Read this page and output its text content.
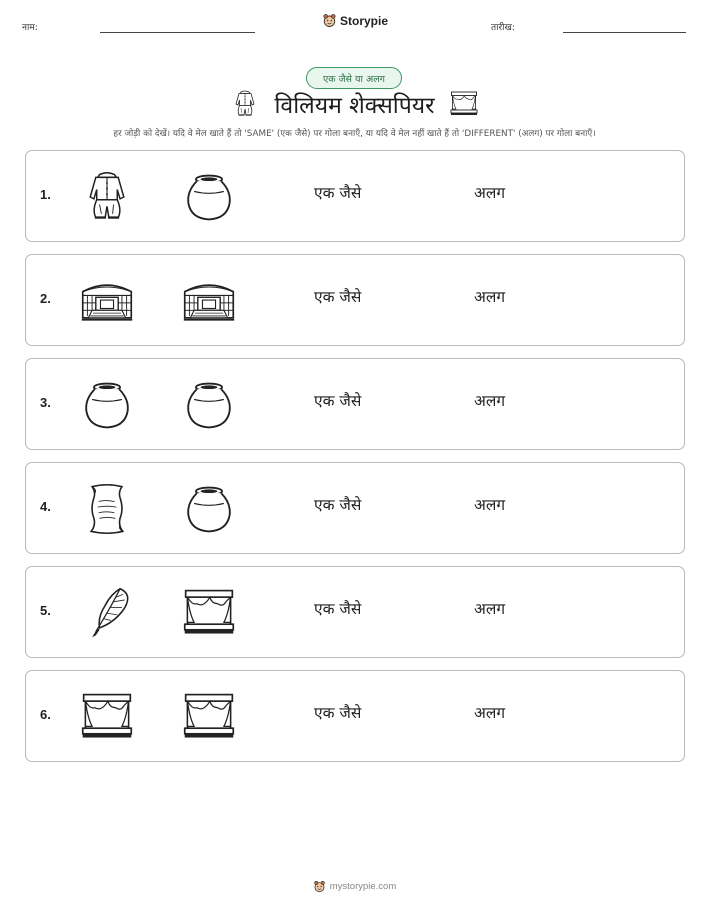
नाम:
Storypie
तारीख:
एक जैसे या अलग
विलियम शेक्सपियर
हर जोड़ी को देखें। यदि वे मेल खाते हैं तो 'SAME' (एक जैसे) पर गोला बनाएँ, या यदि वे मेल नहीं खाते हैं तो 'DIFFERENT' (अलग) पर गोला बनाएँ।
1.	एक जैसे	अलग
2.	एक जैसे	अलग
3.	एक जैसे	अलग
4.	एक जैसे	अलग
5.	एक जैसे	अलग
6.	एक जैसे	अलग
mystorypie.com
